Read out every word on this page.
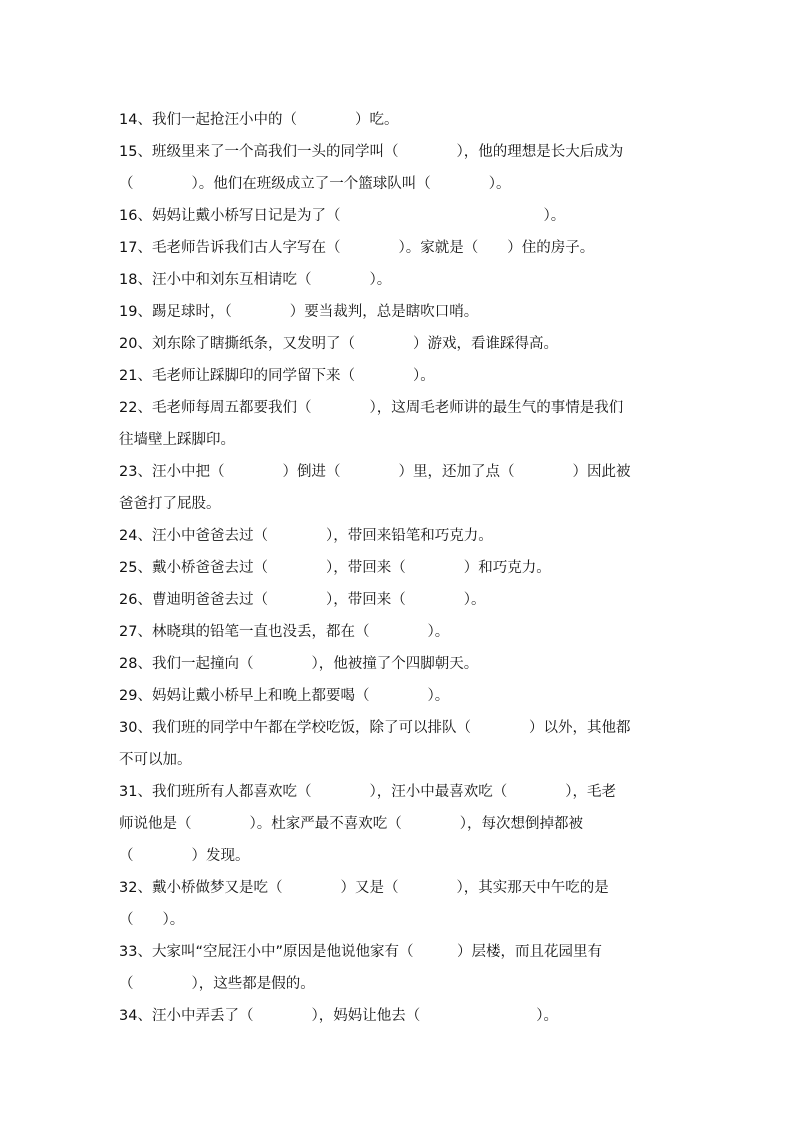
14、我们一起抢汪小中的（　　　　）吃。
15、班级里来了一个高我们一头的同学叫（　　　　），他的理想是长大后成为
（　　　　）。他们在班级成立了一个篮球队叫（　　　　）。
16、妈妈让戴小桥写日记是为了（　　　　　　　　　　　　　　）。
17、毛老师告诉我们古人字写在（　　　　）。家就是（　　）住的房子。
18、汪小中和刘东互相请吃（　　　　）。
19、踢足球时，（　　　　）要当裁判，总是瞎吹口哨。
20、刘东除了瞎撕纸条，又发明了（　　　　）游戏，看谁踩得高。
21、毛老师让踩脚印的同学留下来（　　　　）。
22、毛老师每周五都要我们（　　　　），这周毛老师讲的最生气的事情是我们
往墙壁上踩脚印。
23、汪小中把（　　　　）倒进（　　　　）里，还加了点（　　　　）因此被
爸爸打了屁股。
24、汪小中爸爸去过（　　　　），带回来铅笔和巧克力。
25、戴小桥爸爸去过（　　　　），带回来（　　　　）和巧克力。
26、曹迪明爸爸去过（　　　　），带回来（　　　　）。
27、林晓琪的铅笔一直也没丢，都在（　　　　）。
28、我们一起撞向（　　　　），他被撞了个四脚朝天。
29、妈妈让戴小桥早上和晚上都要喝（　　　　）。
30、我们班的同学中午都在学校吃饭，除了可以排队（　　　　）以外，其他都
不可以加。
31、我们班所有人都喜欢吃（　　　　），汪小中最喜欢吃（　　　　），毛老
师说他是（　　　　）。杜家严最不喜欢吃（　　　　），每次想倒掉都被
（　　　　）发现。
32、戴小桥做梦又是吃（　　　　）又是（　　　　），其实那天中午吃的是
（　　）。
33、大家叫“空屁汪小中”原因是他说他家有（　　　）层楼，而且花园里有
（　　　　），这些都是假的。
34、汪小中弄丢了（　　　　），妈妈让他去（　　　　　　　　）。
